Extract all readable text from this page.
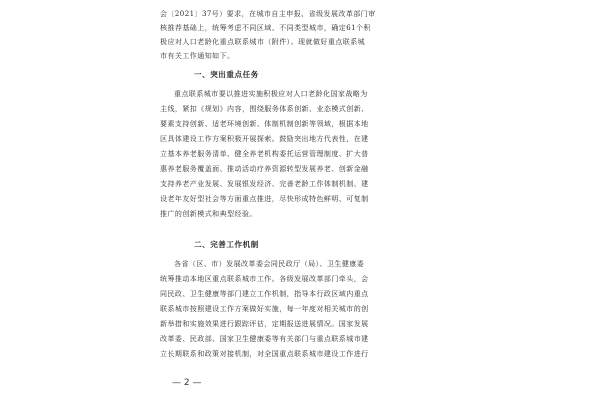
会〔2021〕37号）要求，在城市自主申报、省级发展改革部门审
核推荐基础上，统筹考虑不同区域、不同类型城市，确定61个积
极应对人口老龄化重点联系城市（附件）。现就做好重点联系城
市有关工作通知如下。
一、突出重点任务
重点联系城市要以推进实施积极应对人口老龄化国家战略为
主线，紧扣《规划》内容，围绕服务体系创新、业态模式创新、
要素支持创新、适老环境创新、体制机制创新等领域，根据本地
区具体建设工作方案积极开展探索。鼓励突出地方代表性，在建
立基本养老服务清单、健全养老机构委托运营管理制度、扩大普
惠养老服务覆盖面、推动活动疗养资源转型发展养老、创新金融
支持养老产业发展、发展银发经济、完善老龄工作体制机制、建
设老年友好型社会等方面重点推进，尽快形成特色鲜明、可复制
推广的创新模式和典型经验。
二、完善工作机制
各省（区、市）发展改革委会同民政厅（局）、卫生健康委
统筹推动本地区重点联系城市工作。各级发展改革部门牵头，会
同民政、卫生健康等部门建立工作机制，指导本行政区域内重点
联系城市按照建设工作方案做好实施，每一年度对相关城市的创
新举措和实施效果进行跟踪评估，定期报送进展情况。国家发展
改革委、民政部、国家卫生健康委等有关部门与重点联系城市建
立长期联系和政策对接机制，对全国重点联系城市建设工作进行
— 2 —
